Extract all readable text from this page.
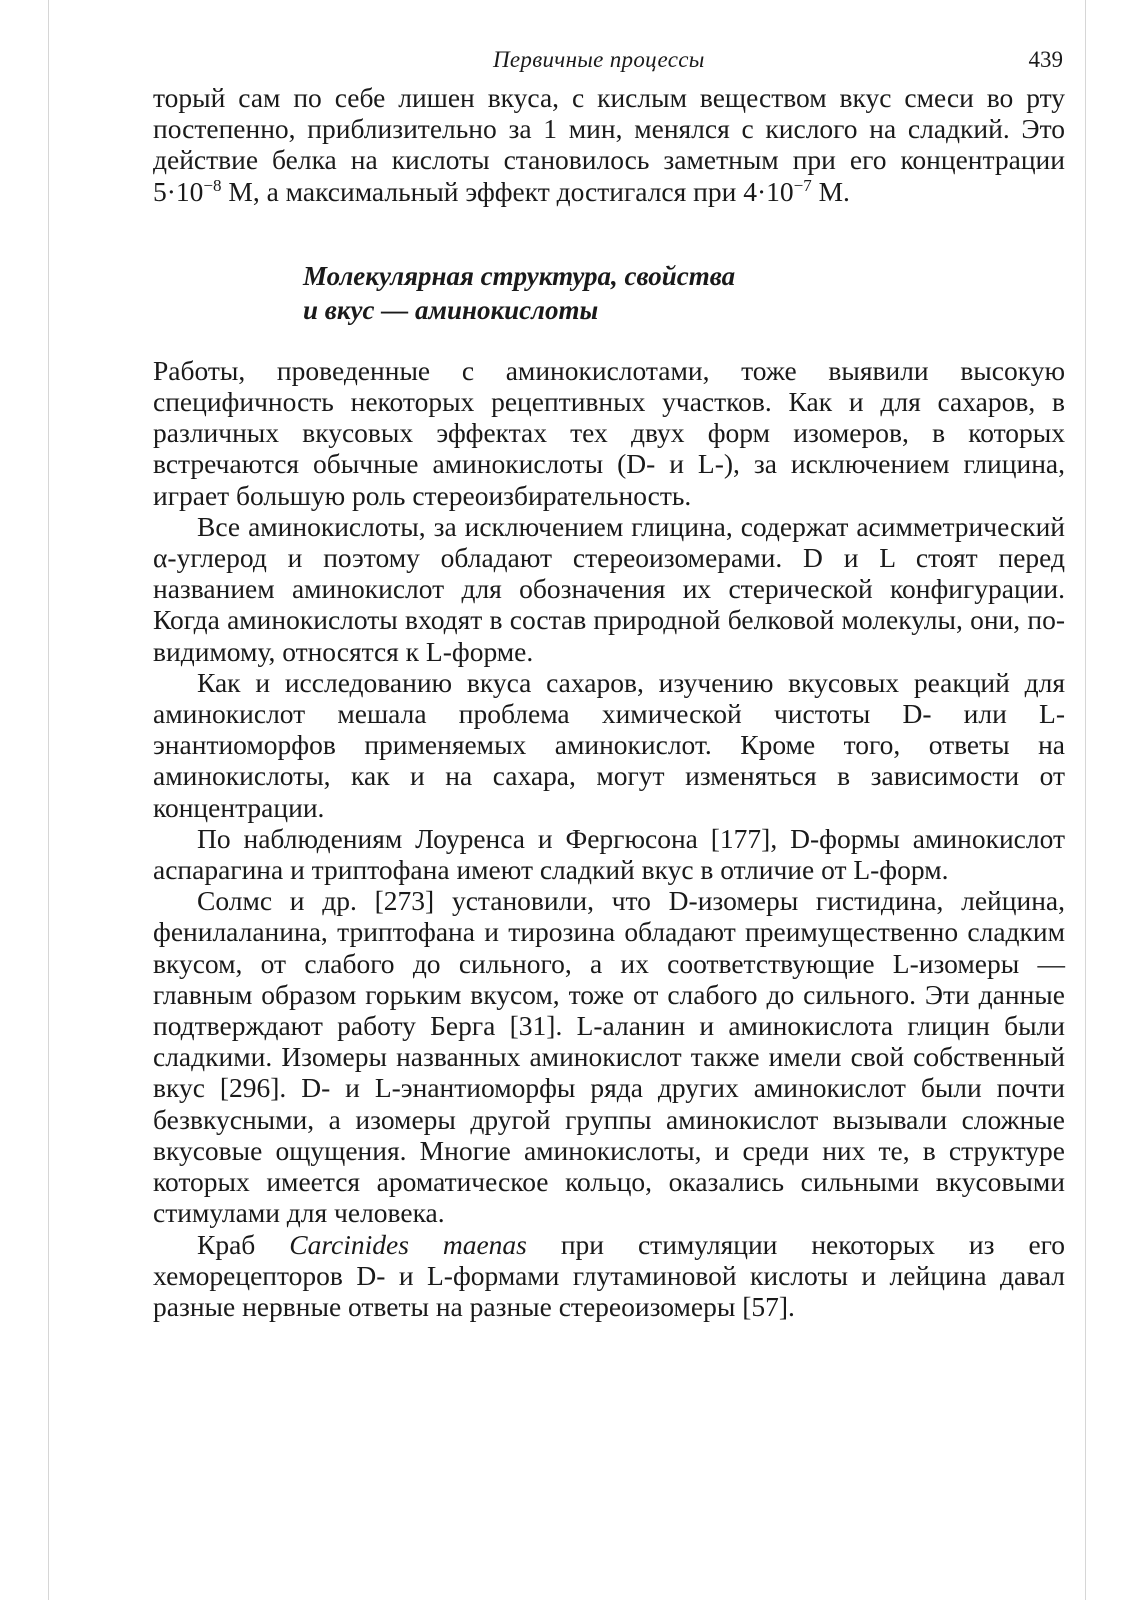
Первичные процессы	439

торый сам по себе лишен вкуса, с кислым веществом вкус смеси во рту постепенно, приблизительно за 1 мин, менялся с кислого на сладкий. Это действие белка на кислоты становилось заметным при его концентрации $5\cdot 10^{-8}$ М, а максимальный эффект достигался при $4\cdot 10^{-7}$ М.

Молекулярная структура, свойства
и вкус — аминокислоты

Работы, проведенные с аминокислотами, тоже выявили высокую специфичность некоторых рецептивных участков. Как и для сахаров, в различных вкусовых эффектах тех двух форм изомеров, в которых встречаются обычные аминокислоты (D- и L-), за исключением глицина, играет большую роль стереоизбирательность.

Все аминокислоты, за исключением глицина, содержат асимметрический α-углерод и поэтому обладают стереоизомерами. D и L стоят перед названием аминокислот для обозначения их стерической конфигурации. Когда аминокислоты входят в состав природной белковой молекулы, они, по-видимому, относятся к L-форме.

Как и исследованию вкуса сахаров, изучению вкусовых реакций для аминокислот мешала проблема химической чистоты D- или L-энантиоморфов применяемых аминокислот. Кроме того, ответы на аминокислоты, как и на сахара, могут изменяться в зависимости от концентрации.

По наблюдениям Лоуренса и Фергюсона [177], D-формы аминокислот аспарагина и триптофана имеют сладкий вкус в отличие от L-форм.

Солмс и др. [273] установили, что D-изомеры гистидина, лейцина, фенилаланина, триптофана и тирозина обладают преимущественно сладким вкусом, от слабого до сильного, а их соответствующие L-изомеры — главным образом горьким вкусом, тоже от слабого до сильного. Эти данные подтверждают работу Берга [31]. L-аланин и аминокислота глицин были сладкими. Изомеры названных аминокислот также имели свой собственный вкус [296]. D- и L-энантиоморфы ряда других аминокислот были почти безвкусными, а изомеры другой группы аминокислот вызывали сложные вкусовые ощущения. Многие аминокислоты, и среди них те, в структуре которых имеется ароматическое кольцо, оказались сильными вкусовыми стимулами для человека.

Краб Carcinides maenas при стимуляции некоторых из его хеморецепторов D- и L-формами глутаминовой кислоты и лейцина давал разные нервные ответы на разные стереоизомеры [57].
